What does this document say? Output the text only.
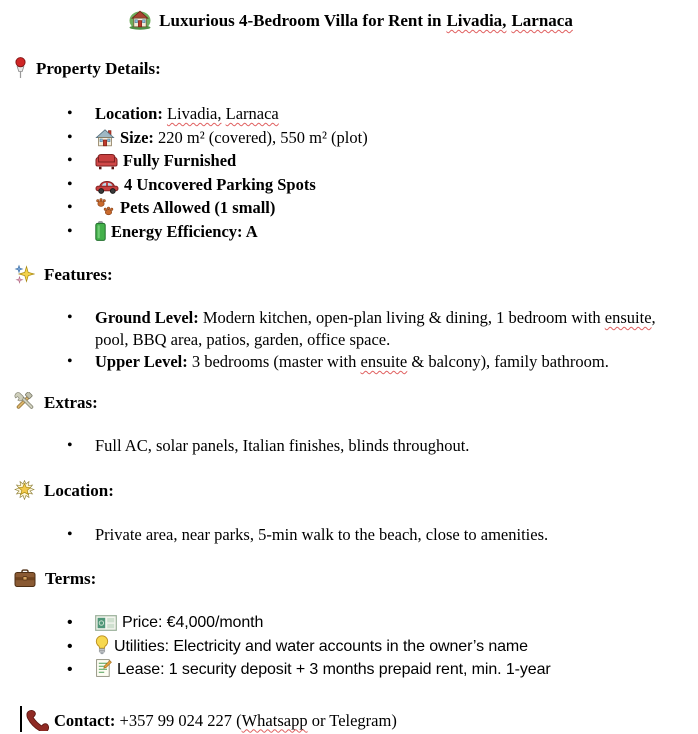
Luxurious 4-Bedroom Villa for Rent in Livadia, Larnaca
Property Details:
• Location: Livadia, Larnaca
• Size: 220 m² (covered), 550 m² (plot)
• Fully Furnished
• 4 Uncovered Parking Spots
• Pets Allowed (1 small)
• Energy Efficiency: A
Features:
• Ground Level: Modern kitchen, open-plan living & dining, 1 bedroom with ensuite,
pool, BBQ area, patios, garden, office space.
• Upper Level: 3 bedrooms (master with ensuite & balcony), family bathroom.
Extras:
• Full AC, solar panels, Italian finishes, blinds throughout.
Location:
• Private area, near parks, 5-min walk to the beach, close to amenities.
Terms:
• Price: €4,000/month
• Utilities: Electricity and water accounts in the owner’s name
• Lease: 1 security deposit + 3 months prepaid rent, min. 1-year
Contact: +357 99 024 227 (Whatsapp or Telegram)
